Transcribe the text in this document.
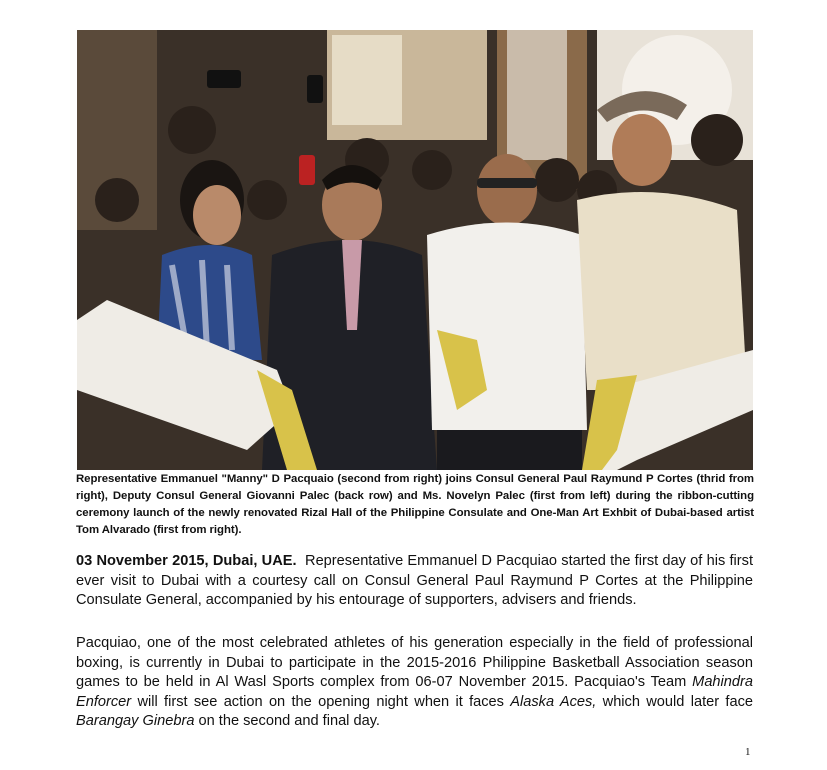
Representative Emmanuel "Manny" D Pacquaio (second from right) joins Consul General Paul Raymund P Cortes (thrid from right), Deputy Consul General Giovanni Palec (back row) and Ms. Novelyn Palec (first from left) during the ribbon-cutting ceremony launch of the newly renovated Rizal Hall of the Philippine Consulate and One-Man Art Exhbit of Dubai-based artist Tom Alvarado (first from right).

03 November 2015, Dubai, UAE. Representative Emmanuel D Pacquiao started the first day of his first ever visit to Dubai with a courtesy call on Consul General Paul Raymund P Cortes at the Philippine Consulate General, accompanied by his entourage of supporters, advisers and friends.

Pacquiao, one of the most celebrated athletes of his generation especially in the field of professional boxing, is currently in Dubai to participate in the 2015-2016 Philippine Basketball Association season games to be held in Al Wasl Sports complex from 06-07 November 2015. Pacquiao's Team Mahindra Enforcer will first see action on the opening night when it faces Alaska Aces, which would later face Barangay Ginebra on the second and final day.

1
